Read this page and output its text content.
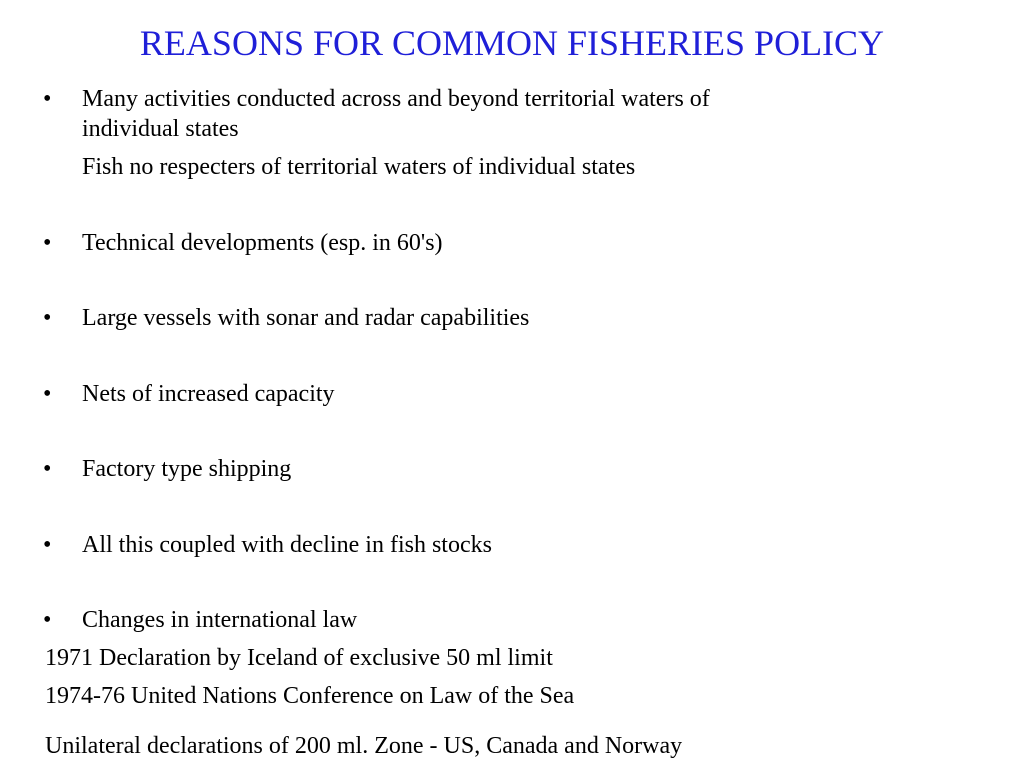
REASONS FOR COMMON FISHERIES POLICY
• Many activities conducted across and beyond territorial waters of
individual states
Fish no respecters of territorial waters of individual states
• Technical developments (esp. in 60's)
• Large vessels with sonar and radar capabilities
• Nets of increased capacity
• Factory type shipping
• All this coupled with decline in fish stocks
• Changes in international law
1971 Declaration by Iceland of exclusive 50 ml limit
1974-76 United Nations Conference on Law of the Sea
Unilateral declarations of 200 ml. Zone - US, Canada and Norway
